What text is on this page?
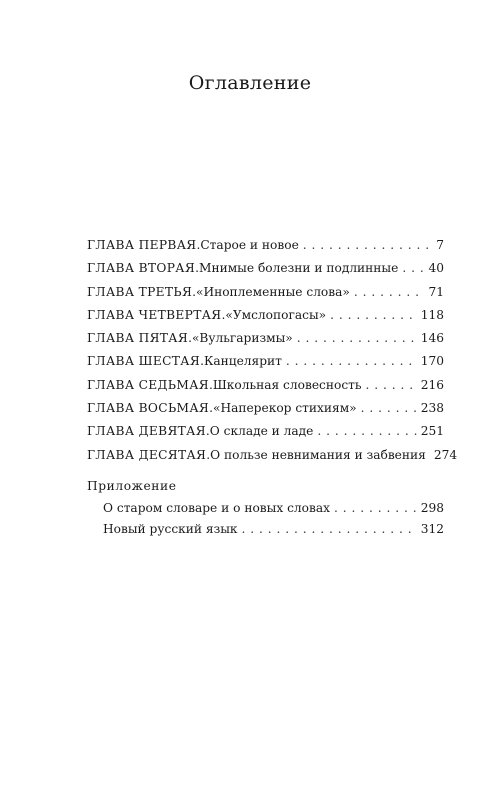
Оглавление
ГЛАВА ПЕРВАЯ . Старое и новое . . .	7
ГЛАВА ВТОРАЯ . Мнимые болезни и подлинные . . . 40
ГЛАВА ТРЕТЬЯ . «Иноплеменные слова» . . .	71
ГЛАВА ЧЕТВЕРТАЯ . «Умслопогасы» . . .	118
ГЛАВА ПЯТАЯ . «Вульгаризмы» . . .	146
ГЛАВА ШЕСТАЯ . Канцелярит . . .	170
ГЛАВА СЕДЬМАЯ . Школьная словесность . . .	216
ГЛАВА ВОСЬМАЯ . «Наперекор стихиям» . . .	238
ГЛАВА ДЕВЯТАЯ . О складе и ладе . . .	251
ГЛАВА ДЕСЯТАЯ . О пользе невнимания и забвения 274
Приложение
О старом словаре и о новых словах . . .	298
Новый русский язык . . .	312
